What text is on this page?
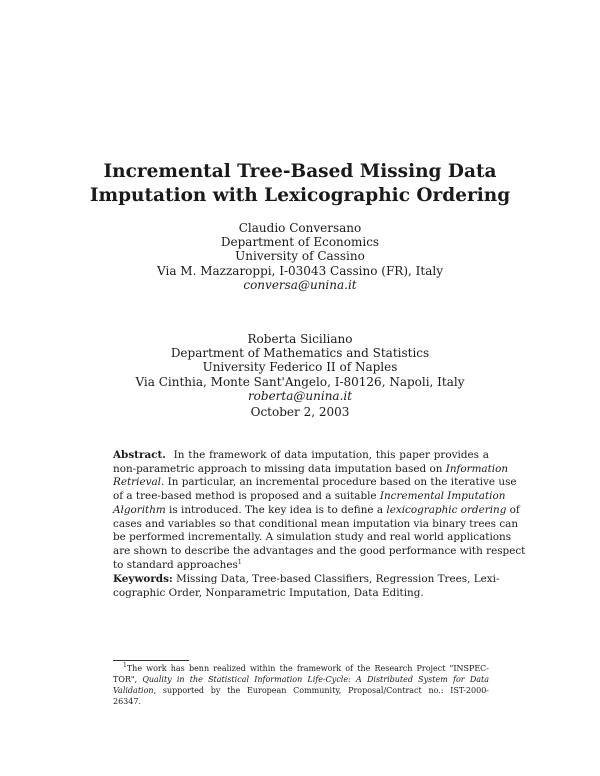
Incremental Tree-Based Missing Data
Imputation with Lexicographic Ordering
Claudio Conversano
Department of Economics
University of Cassino
Via M. Mazzaroppi, I-03043 Cassino (FR), Italy
conversa@unina.it
Roberta Siciliano
Department of Mathematics and Statistics
University Federico II of Naples
Via Cinthia, Monte Sant'Angelo, I-80126, Napoli, Italy
roberta@unina.it
October 2, 2003
Abstract. In the framework of data imputation, this paper provides a
non-parametric approach to missing data imputation based on Information
Retrieval. In particular, an incremental procedure based on the iterative use
of a tree-based method is proposed and a suitable Incremental Imputation
Algorithm is introduced. The key idea is to define a lexicographic ordering of
cases and variables so that conditional mean imputation via binary trees can
be performed incrementally. A simulation study and real world applications
are shown to describe the advantages and the good performance with respect
to standard approaches$^1$
Keywords: Missing Data, Tree-based Classifiers, Regression Trees, Lexi-
cographic Order, Nonparametric Imputation, Data Editing.
$^1$The work has benn realized within the framework of the Research Project "INSPEC-
TOR", Quality in the Statistical Information Life-Cycle: A Distributed System for Data
Validation, supported by the European Community, Proposal/Contract no.: IST-2000-
26347.
